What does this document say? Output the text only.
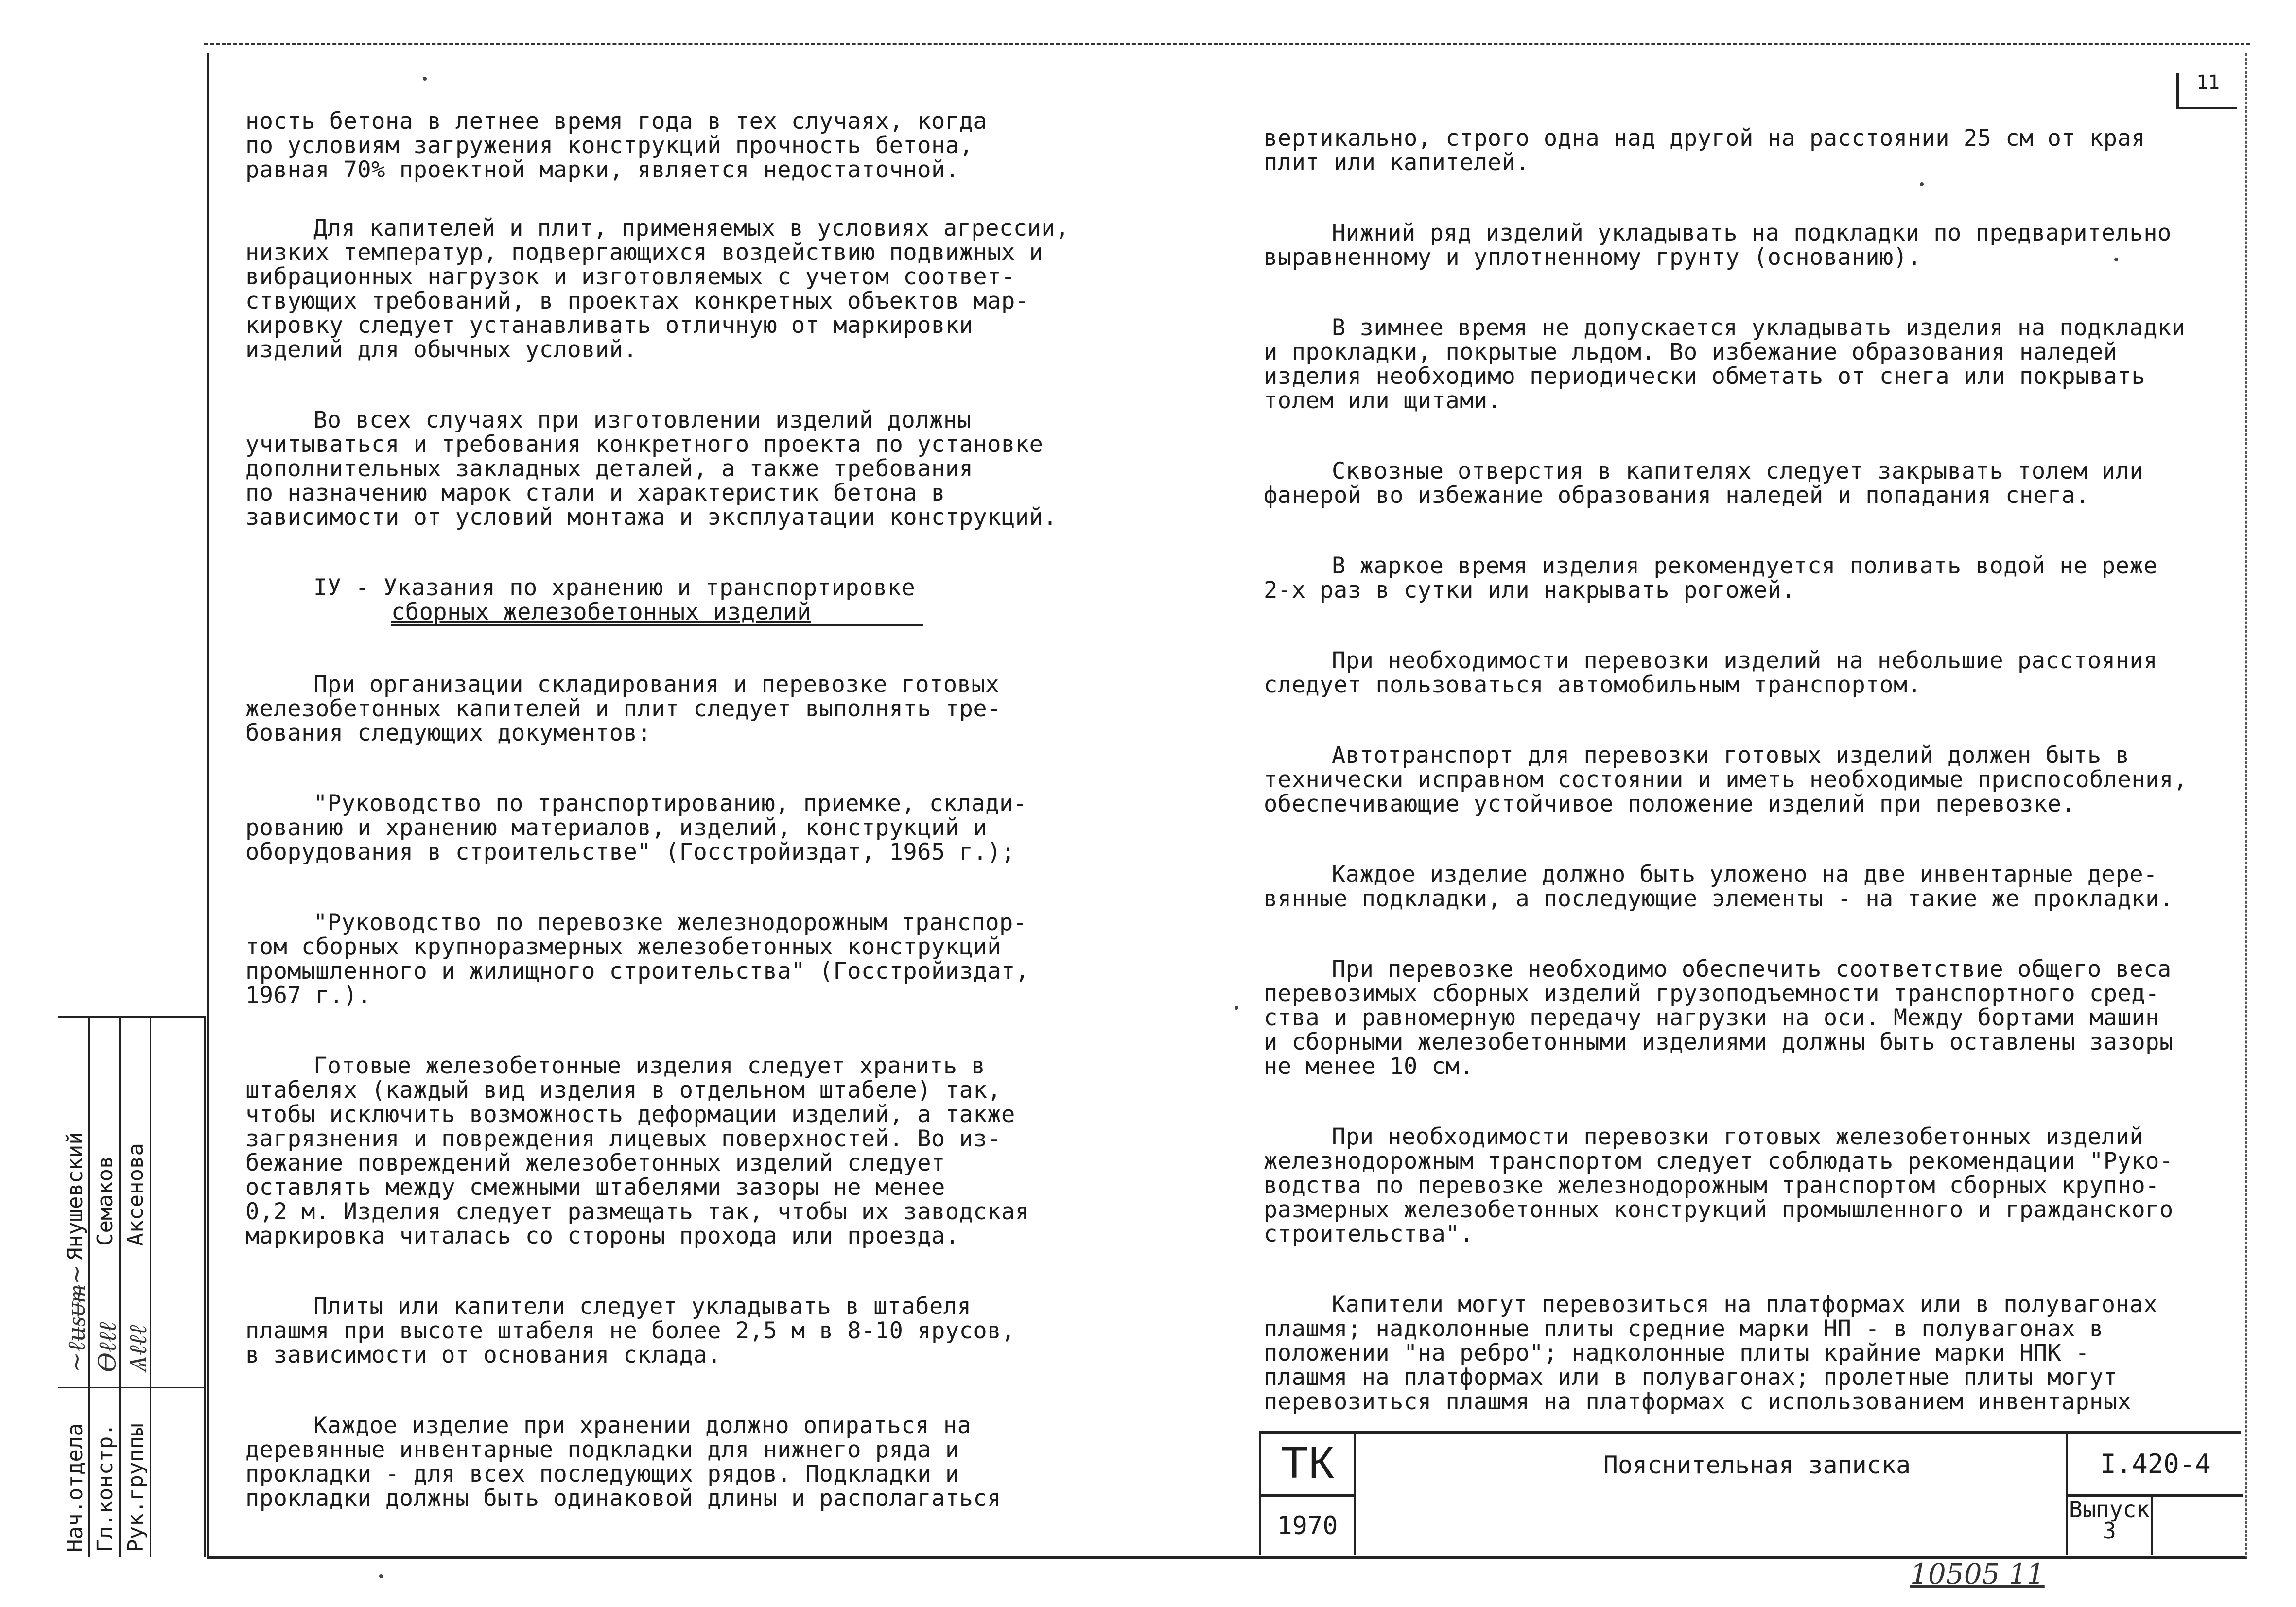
11

ность бетона в летнее время года в тех случаях, когда
по условиям загружения конструкций прочность бетона,
равная 70% проектной марки, является недостаточной.

Для капителей и плит, применяемых в условиях агрессии,
низких температур, подвергающихся воздействию подвижных и
вибрационных нагрузок и изготовляемых с учетом соответ-
ствующих требований, в проектах конкретных объектов мар-
кировку следует устанавливать отличную от маркировки
изделий для обычных условий.

Во всех случаях при изготовлении изделий должны
учитываться и требования конкретного проекта по установке
дополнительных закладных деталей, а также требования
по назначению марок стали и характеристик бетона в
зависимости от условий монтажа и эксплуатации конструкций.

IУ - Указания по хранению и транспортировке
сборных железобетонных изделий

При организации складирования и перевозке готовых
железобетонных капителей и плит следует выполнять тре-
бования следующих документов:

"Руководство по транспортированию, приемке, склади-
рованию и хранению материалов, изделий, конструкций и
оборудования в строительстве" (Госстройиздат, 1965 г.);

"Руководство по перевозке железнодорожным транспор-
том сборных крупноразмерных железобетонных конструкций
промышленного и жилищного строительства" (Госстройиздат,
1967 г.).

Готовые железобетонные изделия следует хранить в
штабелях (каждый вид изделия в отдельном штабеле) так,
чтобы исключить возможность деформации изделий, а также
загрязнения и повреждения лицевых поверхностей. Во из-
бежание повреждений железобетонных изделий следует
оставлять между смежными штабелями зазоры не менее
0,2 м. Изделия следует размещать так, чтобы их заводская
маркировка читалась со стороны прохода или проезда.

Плиты или капители следует укладывать в штабеля
плашмя при высоте штабеля не более 2,5 м в 8-10 ярусов,
в зависимости от основания склада.

Каждое изделие при хранении должно опираться на
деревянные инвентарные подкладки для нижнего ряда и
прокладки - для всех последующих рядов. Подкладки и
прокладки должны быть одинаковой длины и располагаться

вертикально, строго одна над другой на расстоянии 25 см от края
плит или капителей.

Нижний ряд изделий укладывать на подкладки по предварительно
выравненному и уплотненному грунту (основанию).

В зимнее время не допускается укладывать изделия на подкладки
и прокладки, покрытые льдом. Во избежание образования наледей
изделия необходимо периодически обметать от снега или покрывать
толем или щитами.

Сквозные отверстия в капителях следует закрывать толем или
фанерой во избежание образования наледей и попадания снега.

В жаркое время изделия рекомендуется поливать водой не реже
2-х раз в сутки или накрывать рогожей.

При необходимости перевозки изделий на небольшие расстояния
следует пользоваться автомобильным транспортом.

Автотранспорт для перевозки готовых изделий должен быть в
технически исправном состоянии и иметь необходимые приспособления,
обеспечивающие устойчивое положение изделий при перевозке.

Каждое изделие должно быть уложено на две инвентарные дере-
вянные подкладки, а последующие элементы - на такие же прокладки.

При перевозке необходимо обеспечить соответствие общего веса
перевозимых сборных изделий грузоподъемности транспортного сред-
ства и равномерную передачу нагрузки на оси. Между бортами машин
и сборными железобетонными изделиями должны быть оставлены зазоры
не менее 10 см.

При необходимости перевозки готовых железобетонных изделий
железнодорожным транспортом следует соблюдать рекомендации "Руко-
водства по перевозке железнодорожным транспортом сборных крупно-
размерных железобетонных конструкций промышленного и гражданского
строительства".

Капители могут перевозиться на платформах или в полувагонах
плашмя; надколонные плиты средние марки НП - в полувагонах в
положении "на ребро"; надколонные плиты крайние марки НПК -
плашмя на платформах или в полувагонах; пролетные плиты могут
перевозиться плашмя на платформах с использованием инвентарных

ТК
1970
Пояснительная записка	I.420-4
Выпуск
3
Нач.отдела Гл.констр. Рук.группы
~ℓʉᵴᵾᵯ~ Ѳℓℓℓ Ѧℓℓℓ
Янушевский Семаков Аксенова
10505 11
